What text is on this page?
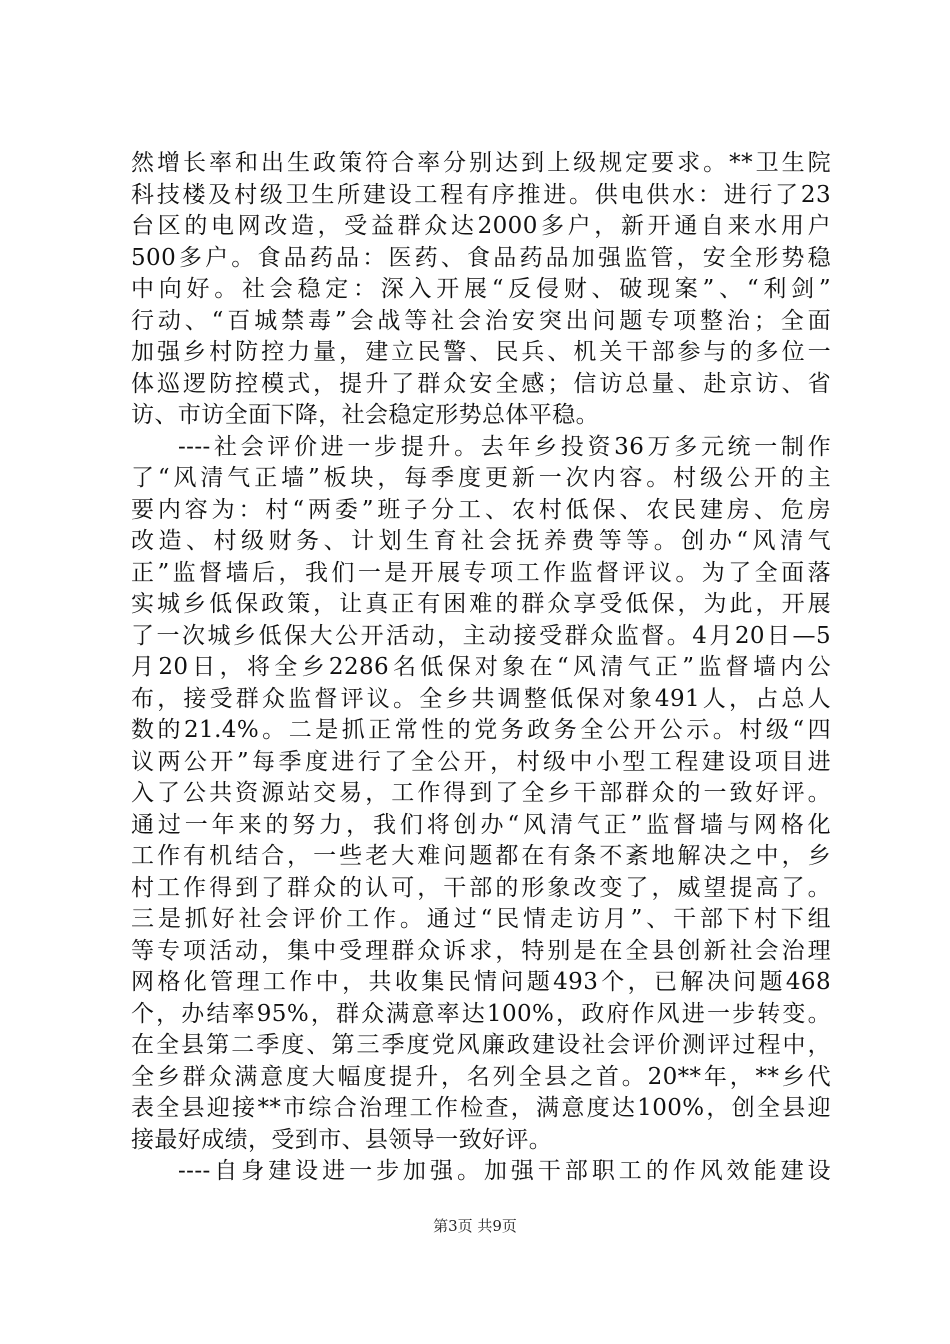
然增长率和出生政策符合率分别达到上级规定要求。**卫生院
科技楼及村级卫生所建设工程有序推进。供电供水：进行了23
台区的电网改造，受益群众达2000多户，新开通自来水用户
500多户。食品药品：医药、食品药品加强监管，安全形势稳
中向好。社会稳定：深入开展“反侵财、破现案”、“利剑”
行动、“百城禁毒”会战等社会治安突出问题专项整治；全面
加强乡村防控力量，建立民警、民兵、机关干部参与的多位一
体巡逻防控模式，提升了群众安全感；信访总量、赴京访、省
访、市访全面下降，社会稳定形势总体平稳。
----社会评价进一步提升。去年乡投资36万多元统一制作
了“风清气正墙”板块，每季度更新一次内容。村级公开的主
要内容为：村“两委”班子分工、农村低保、农民建房、危房
改造、村级财务、计划生育社会抚养费等等。创办“风清气
正”监督墙后，我们一是开展专项工作监督评议。为了全面落
实城乡低保政策，让真正有困难的群众享受低保，为此，开展
了一次城乡低保大公开活动，主动接受群众监督。4月20日—5
月20日，将全乡2286名低保对象在“风清气正”监督墙内公
布，接受群众监督评议。全乡共调整低保对象491人，占总人
数的21.4%。二是抓正常性的党务政务全公开公示。村级“四
议两公开”每季度进行了全公开，村级中小型工程建设项目进
入了公共资源站交易，工作得到了全乡干部群众的一致好评。
通过一年来的努力，我们将创办“风清气正”监督墙与网格化
工作有机结合，一些老大难问题都在有条不紊地解决之中，乡
村工作得到了群众的认可，干部的形象改变了，威望提高了。
三是抓好社会评价工作。通过“民情走访月”、干部下村下组
等专项活动，集中受理群众诉求，特别是在全县创新社会治理
网格化管理工作中，共收集民情问题493个，已解决问题468
个，办结率95%，群众满意率达100%，政府作风进一步转变。
在全县第二季度、第三季度党风廉政建设社会评价测评过程中，
全乡群众满意度大幅度提升，名列全县之首。20**年，**乡代
表全县迎接**市综合治理工作检查，满意度达100%，创全县迎
接最好成绩，受到市、县领导一致好评。
----自身建设进一步加强。加强干部职工的作风效能建设
第3页 共9页
